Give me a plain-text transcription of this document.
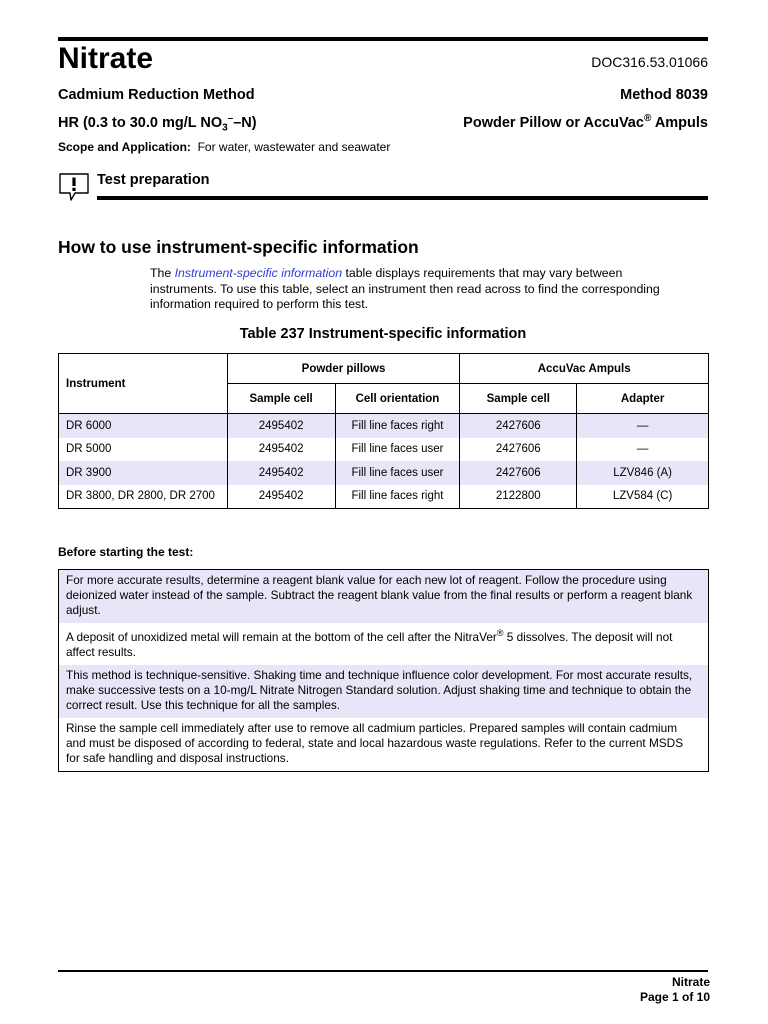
Nitrate	DOC316.53.01066
Cadmium Reduction Method	Method 8039
HR (0.3 to 30.0 mg/L $NO_3^--N$)	Powder Pillow or AccuVac® Ampuls
Scope and Application: For water, wastewater and seawater
Test preparation
How to use instrument-specific information
The Instrument-specific information table displays requirements that may vary between instruments. To use this table, select an instrument then read across to find the corresponding information required to perform this test.
Table 237 Instrument-specific information
Instrument	Powder pillows		AccuVac Ampuls	
	Sample cell	Cell orientation	Sample cell	Adapter
DR 6000	2495402	Fill line faces right	2427606	—
DR 5000	2495402	Fill line faces user	2427606	—
DR 3900	2495402	Fill line faces user	2427606	LZV846 (A)
DR 3800, DR 2800, DR 2700	2495402	Fill line faces right	2122800	LZV584 (C)
Before starting the test:
For more accurate results, determine a reagent blank value for each new lot of reagent. Follow the procedure using deionized water instead of the sample. Subtract the reagent blank value from the final results or perform a reagent blank adjust.
A deposit of unoxidized metal will remain at the bottom of the cell after the NitraVer® 5 dissolves. The deposit will not affect results.
This method is technique-sensitive. Shaking time and technique influence color development. For most accurate results, make successive tests on a 10-mg/L Nitrate Nitrogen Standard solution. Adjust shaking time and technique to obtain the correct result. Use this technique for all the samples.
Rinse the sample cell immediately after use to remove all cadmium particles. Prepared samples will contain cadmium and must be disposed of according to federal, state and local hazardous waste regulations. Refer to the current MSDS for safe handling and disposal instructions.
Nitrate
Page 1 of 10
